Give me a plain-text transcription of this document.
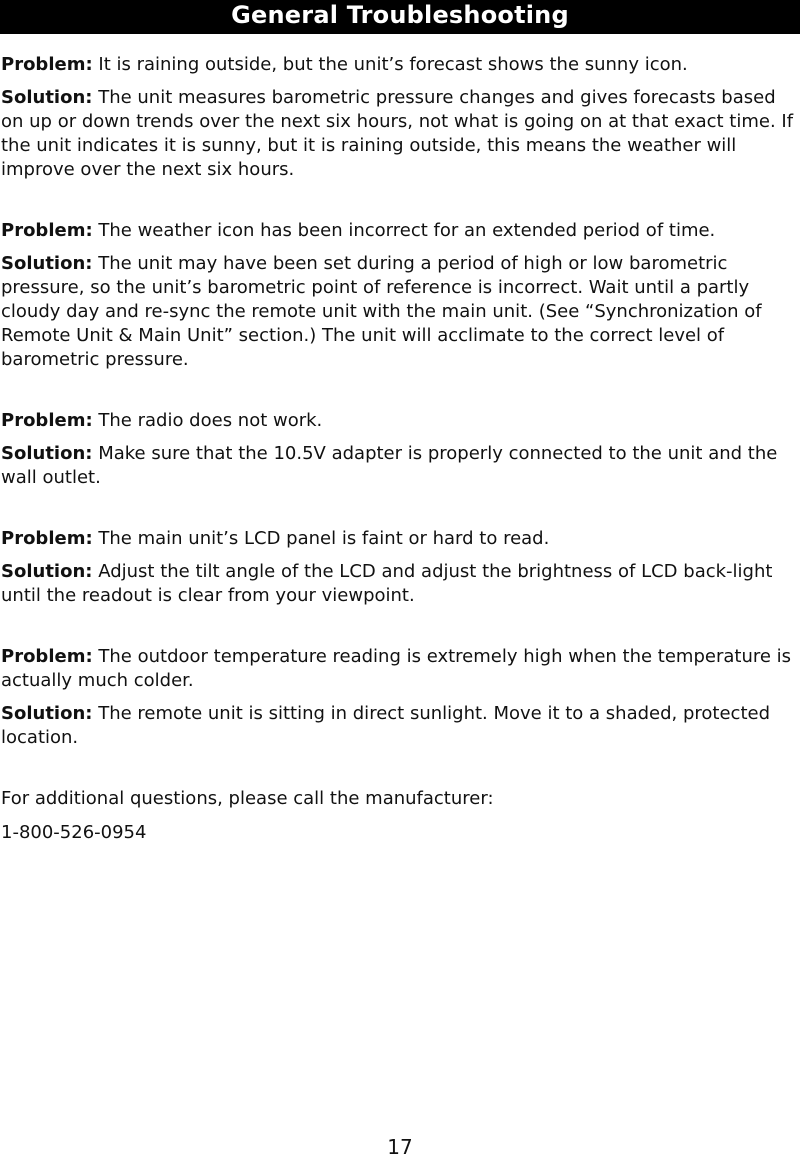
General Troubleshooting

Problem: It is raining outside, but the unit’s forecast shows the sunny icon.

Solution: The unit measures barometric pressure changes and gives forecasts based on up or down trends over the next six hours, not what is going on at that exact time. If the unit indicates it is sunny, but it is raining outside, this means the weather will improve over the next six hours.

Problem: The weather icon has been incorrect for an extended period of time.

Solution: The unit may have been set during a period of high or low barometric pressure, so the unit’s barometric point of reference is incorrect. Wait until a partly cloudy day and re-sync the remote unit with the main unit. (See “Synchronization of Remote Unit & Main Unit” section.) The unit will acclimate to the correct level of barometric pressure.

Problem: The radio does not work.

Solution: Make sure that the 10.5V adapter is properly connected to the unit and the wall outlet.

Problem: The main unit’s LCD panel is faint or hard to read.

Solution: Adjust the tilt angle of the LCD and adjust the brightness of LCD back-light until the readout is clear from your viewpoint.

Problem: The outdoor temperature reading is extremely high when the temperature is actually much colder.

Solution: The remote unit is sitting in direct sunlight. Move it to a shaded, protected location.

For additional questions, please call the manufacturer:

1-800-526-0954

17
